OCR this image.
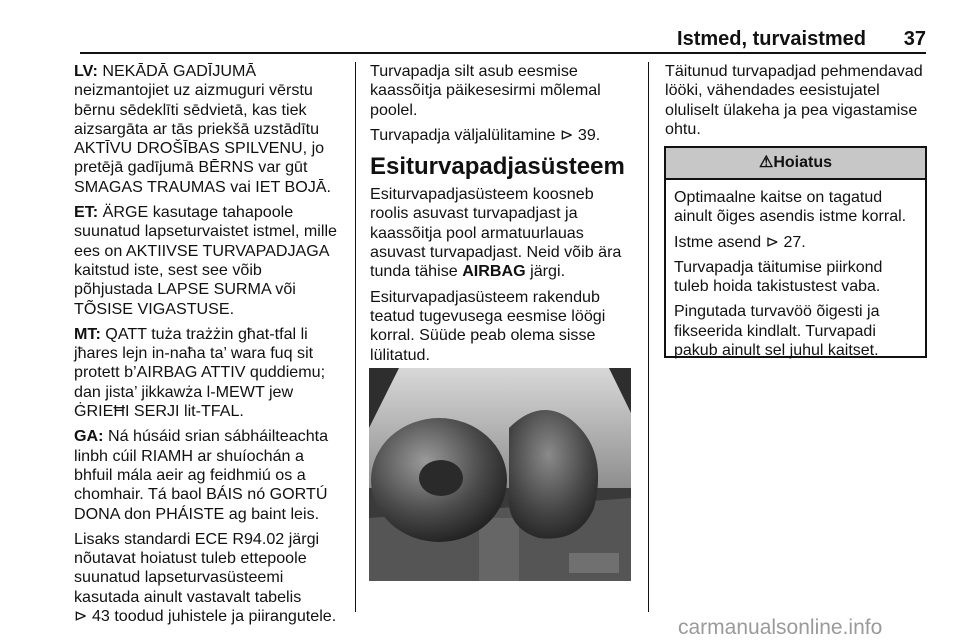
Istmed, turvaistmed 37

LV: NEKĀDĀ GADĪJUMĀ neizmantojiet uz aizmuguri vērstu bērnu sēdeklīti sēdvietā, kas tiek aizsargāta ar tās priekšā uzstādītu AKTĪVU DROŠĪBAS SPILVENU, jo pretējā gadījumā BĒRNS var gūt SMAGAS TRAUMAS vai IET BOJĀ.

ET: ÄRGE kasutage tahapoole suunatud lapseturvaistet istmel, mille ees on AKTIIVSE TURVAPADJAGA kaitstud iste, sest see võib põhjustada LAPSE SURMA või TÕSISE VIGASTUSE.

MT: QATT tuża trażżin għat-tfal li jħares lejn in-naħa ta’ wara fuq sit protett b’AIRBAG ATTIV quddiemu; dan jista’ jikkawża l-MEWT jew ĠRIEĦI SERJI lit-TFAL.

GA: Ná húsáid srian sábháilteachta linbh cúil RIAMH ar shuíochán a bhfuil mála aeir ag feidhmiú os a chomhair. Tá baol BÁIS nó GORTÚ DONA don PHÁISTE ag baint leis.

Lisaks standardi ECE R94.02 järgi nõutavat hoiatust tuleb ettepoole suunatud lapseturvasüsteemi kasutada ainult vastavalt tabelis
⊳ 43 toodud juhistele ja piirangutele.

Turvapadja silt asub eesmise kaassõitja päikesesirmi mõlemal poolel.

Turvapadja väljalülitamine ⊳ 39.

Esiturvapadjasüsteem

Esiturvapadjasüsteem koosneb roolis asuvast turvapadjast ja kaassõitja pool armatuurlauas asuvast turvapadjast. Neid võib ära tunda tähise AIRBAG järgi.

Esiturvapadjasüsteem rakendub teatud tugevusega eesmise löögi korral. Süüde peab olema sisse lülitatud.

Täitunud turvapadjad pehmendavad lööki, vähendades eesistujatel oluliselt ülakeha ja pea vigastamise ohtu.

⚠Hoiatus

Optimaalne kaitse on tagatud ainult õiges asendis istme korral.

Istme asend ⊳ 27.

Turvapadja täitumise piirkond tuleb hoida takistustest vaba.

Pingutada turvavöö õigesti ja fikseerida kindlalt. Turvapadi pakub ainult sel juhul kaitset.

carmanualsonline.info
